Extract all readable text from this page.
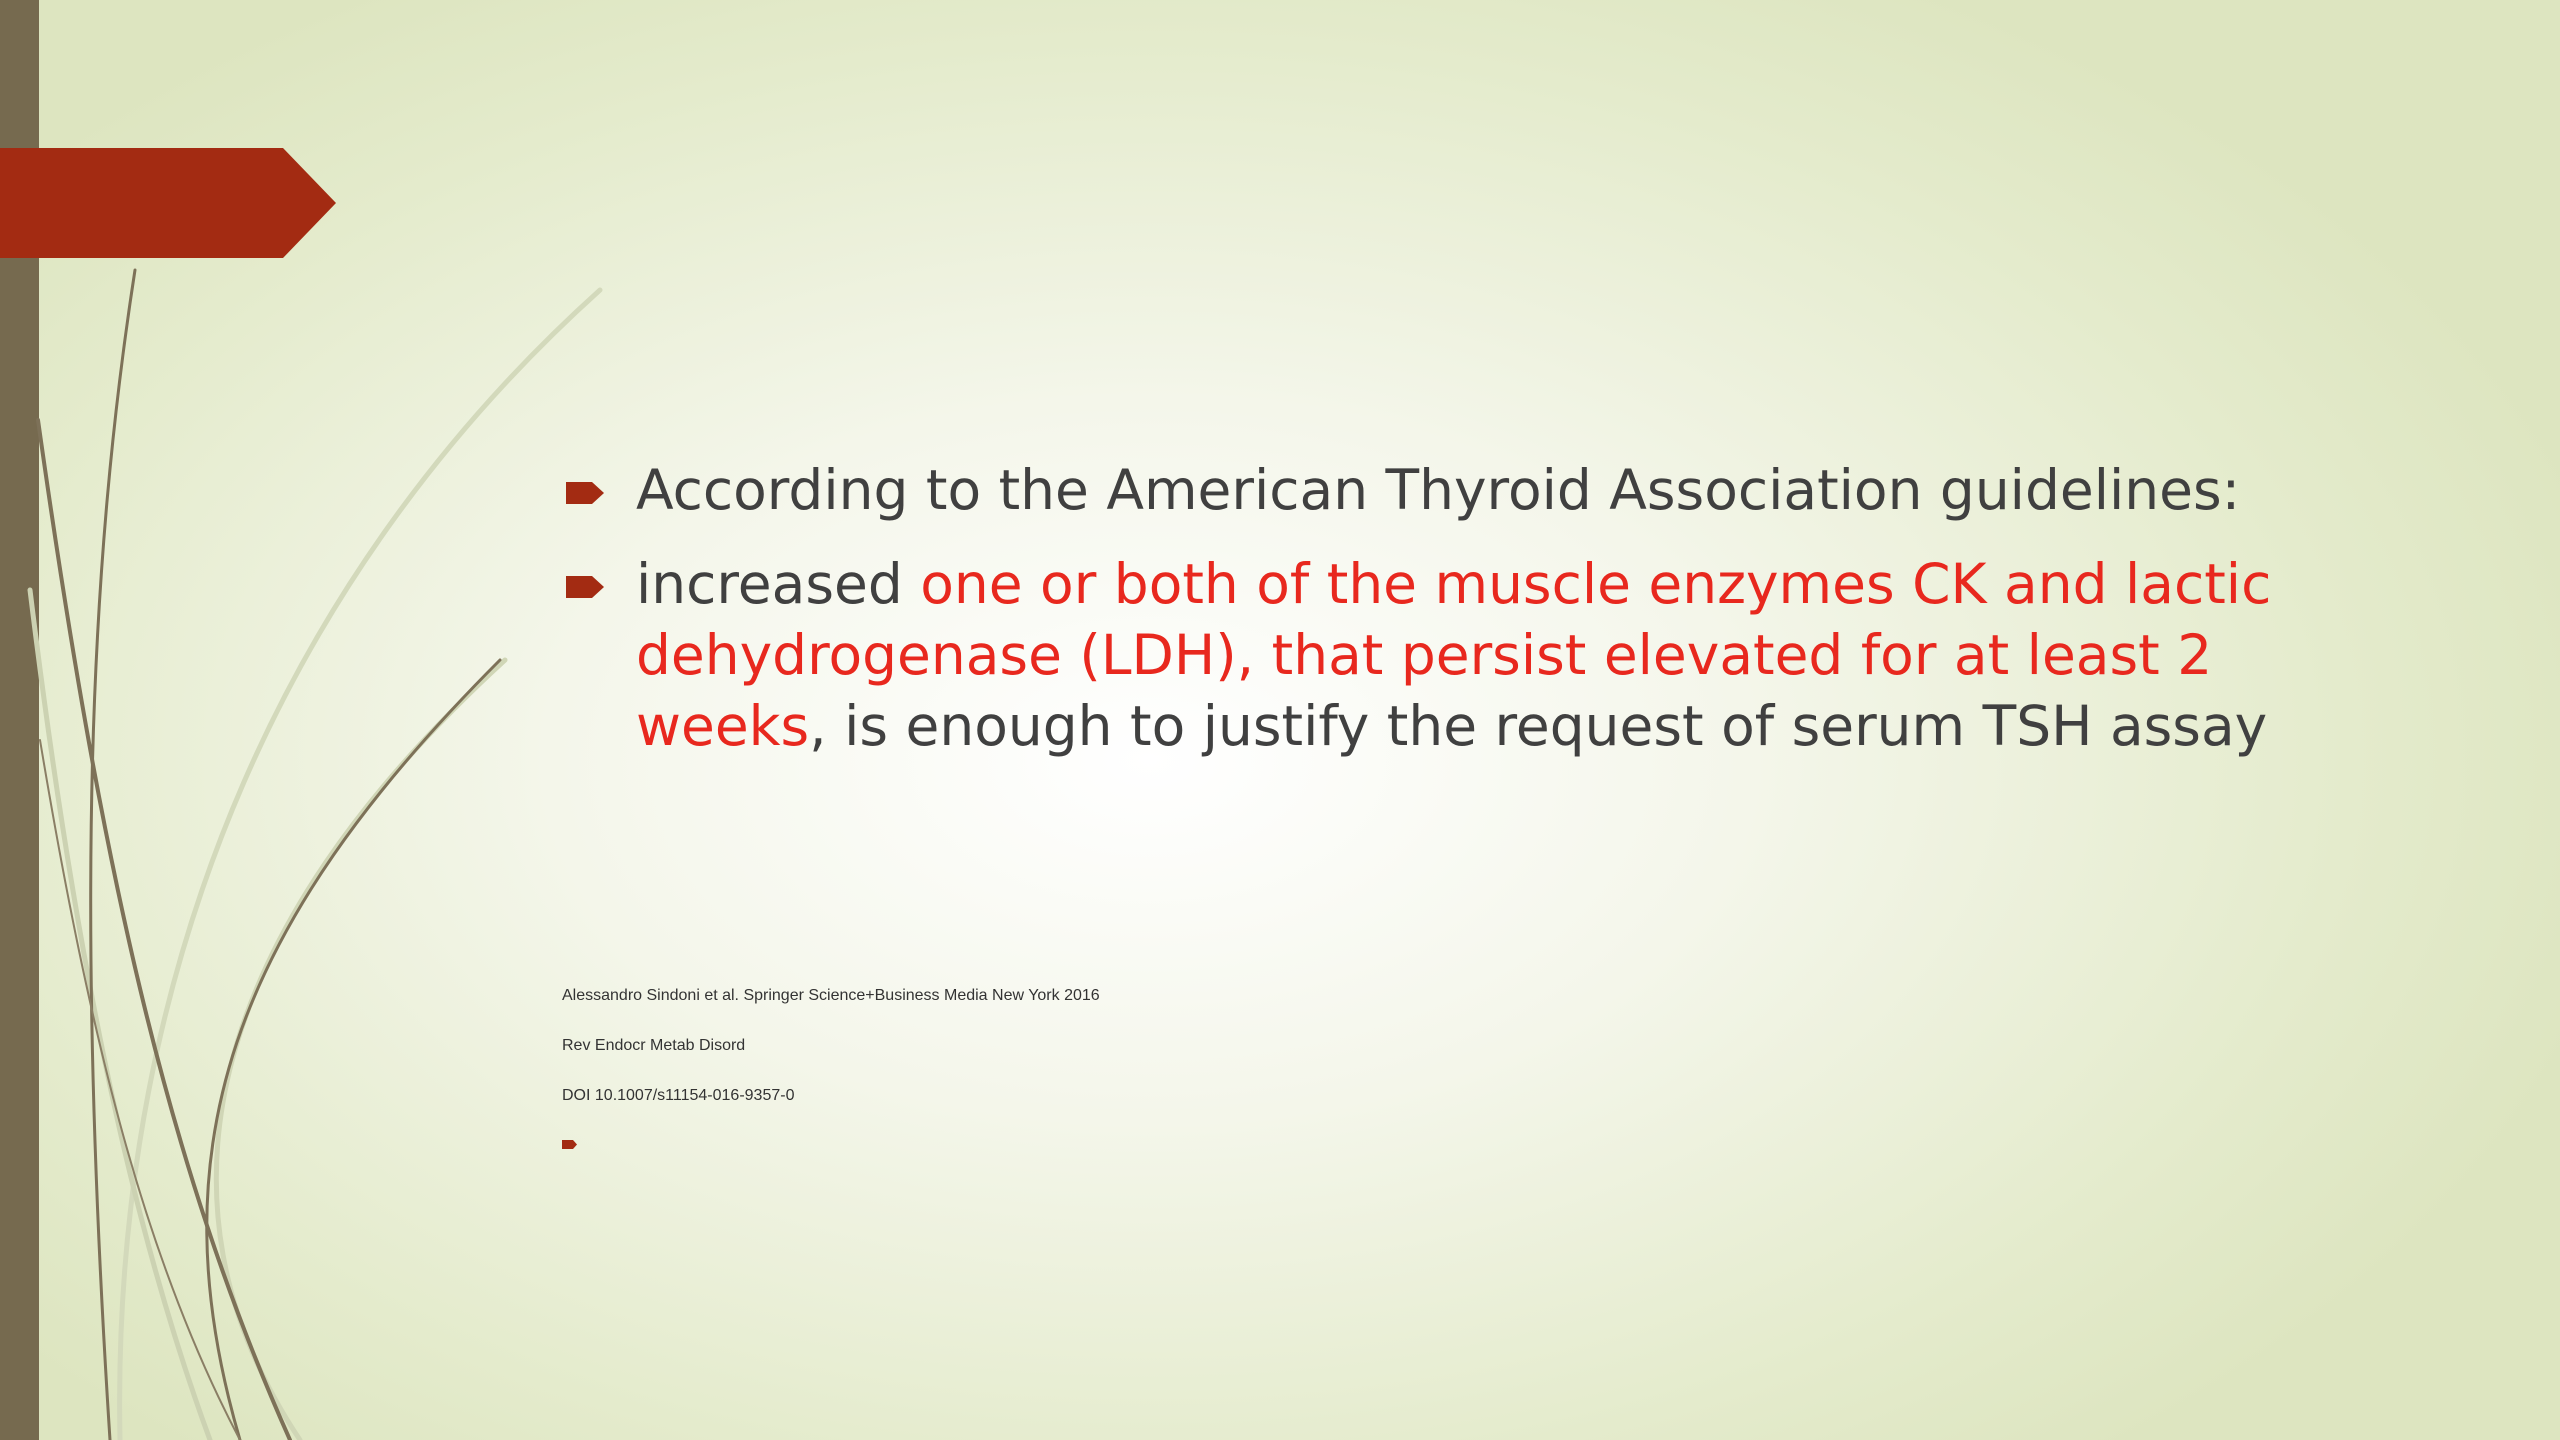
According to the American Thyroid Association guidelines:
increased one or both of the muscle enzymes CK and lactic dehydrogenase (LDH), that persist elevated for at least 2 weeks, is enough to justify the request of serum TSH assay
Alessandro Sindoni et al. Springer Science+Business Media New York 2016
Rev Endocr Metab Disord
DOI 10.1007/s11154-016-9357-0
